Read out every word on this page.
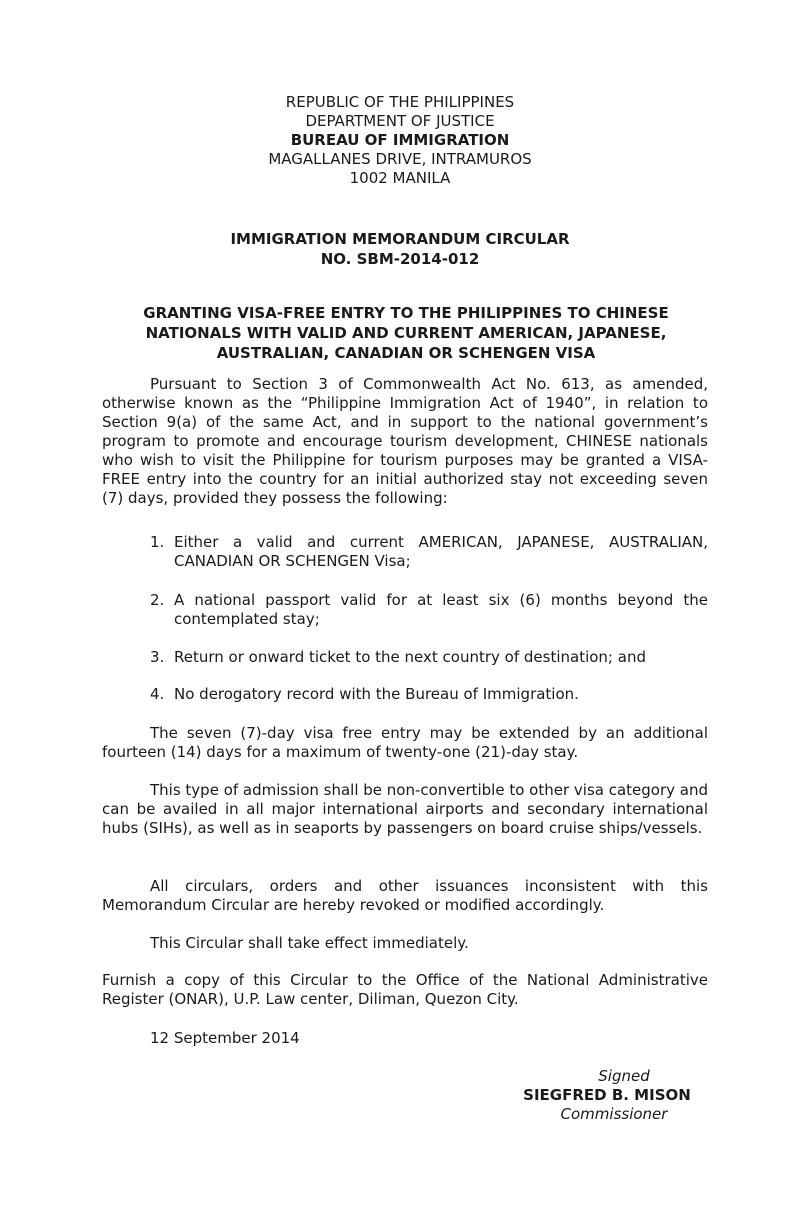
REPUBLIC OF THE PHILIPPINES
DEPARTMENT OF JUSTICE
BUREAU OF IMMIGRATION
MAGALLANES DRIVE, INTRAMUROS
1002 MANILA
IMMIGRATION MEMORANDUM CIRCULAR
NO. SBM-2014-012
GRANTING VISA-FREE ENTRY TO THE PHILIPPINES TO CHINESE
NATIONALS WITH VALID AND CURRENT AMERICAN, JAPANESE,
AUSTRALIAN, CANADIAN OR SCHENGEN VISA
Pursuant to Section 3 of Commonwealth Act No. 613, as amended, otherwise known as the “Philippine Immigration Act of 1940”, in relation to Section 9(a) of the same Act, and in support to the national government’s program to promote and encourage tourism development, CHINESE nationals who wish to visit the Philippine for tourism purposes may be granted a VISA-FREE entry into the country for an initial authorized stay not exceeding seven (7) days, provided they possess the following:
1. Either a valid and current AMERICAN, JAPANESE, AUSTRALIAN, CANADIAN OR SCHENGEN Visa;
2. A national passport valid for at least six (6) months beyond the contemplated stay;
3. Return or onward ticket to the next country of destination; and
4. No derogatory record with the Bureau of Immigration.
The seven (7)-day visa free entry may be extended by an additional fourteen (14) days for a maximum of twenty-one (21)-day stay.
This type of admission shall be non-convertible to other visa category and can be availed in all major international airports and secondary international hubs (SIHs), as well as in seaports by passengers on board cruise ships/vessels.
All circulars, orders and other issuances inconsistent with this Memorandum Circular are hereby revoked or modified accordingly.
This Circular shall take effect immediately.
Furnish a copy of this Circular to the Office of the National Administrative Register (ONAR), U.P. Law center, Diliman, Quezon City.
12 September 2014
Signed
SIEGFRED B. MISON
Commissioner
